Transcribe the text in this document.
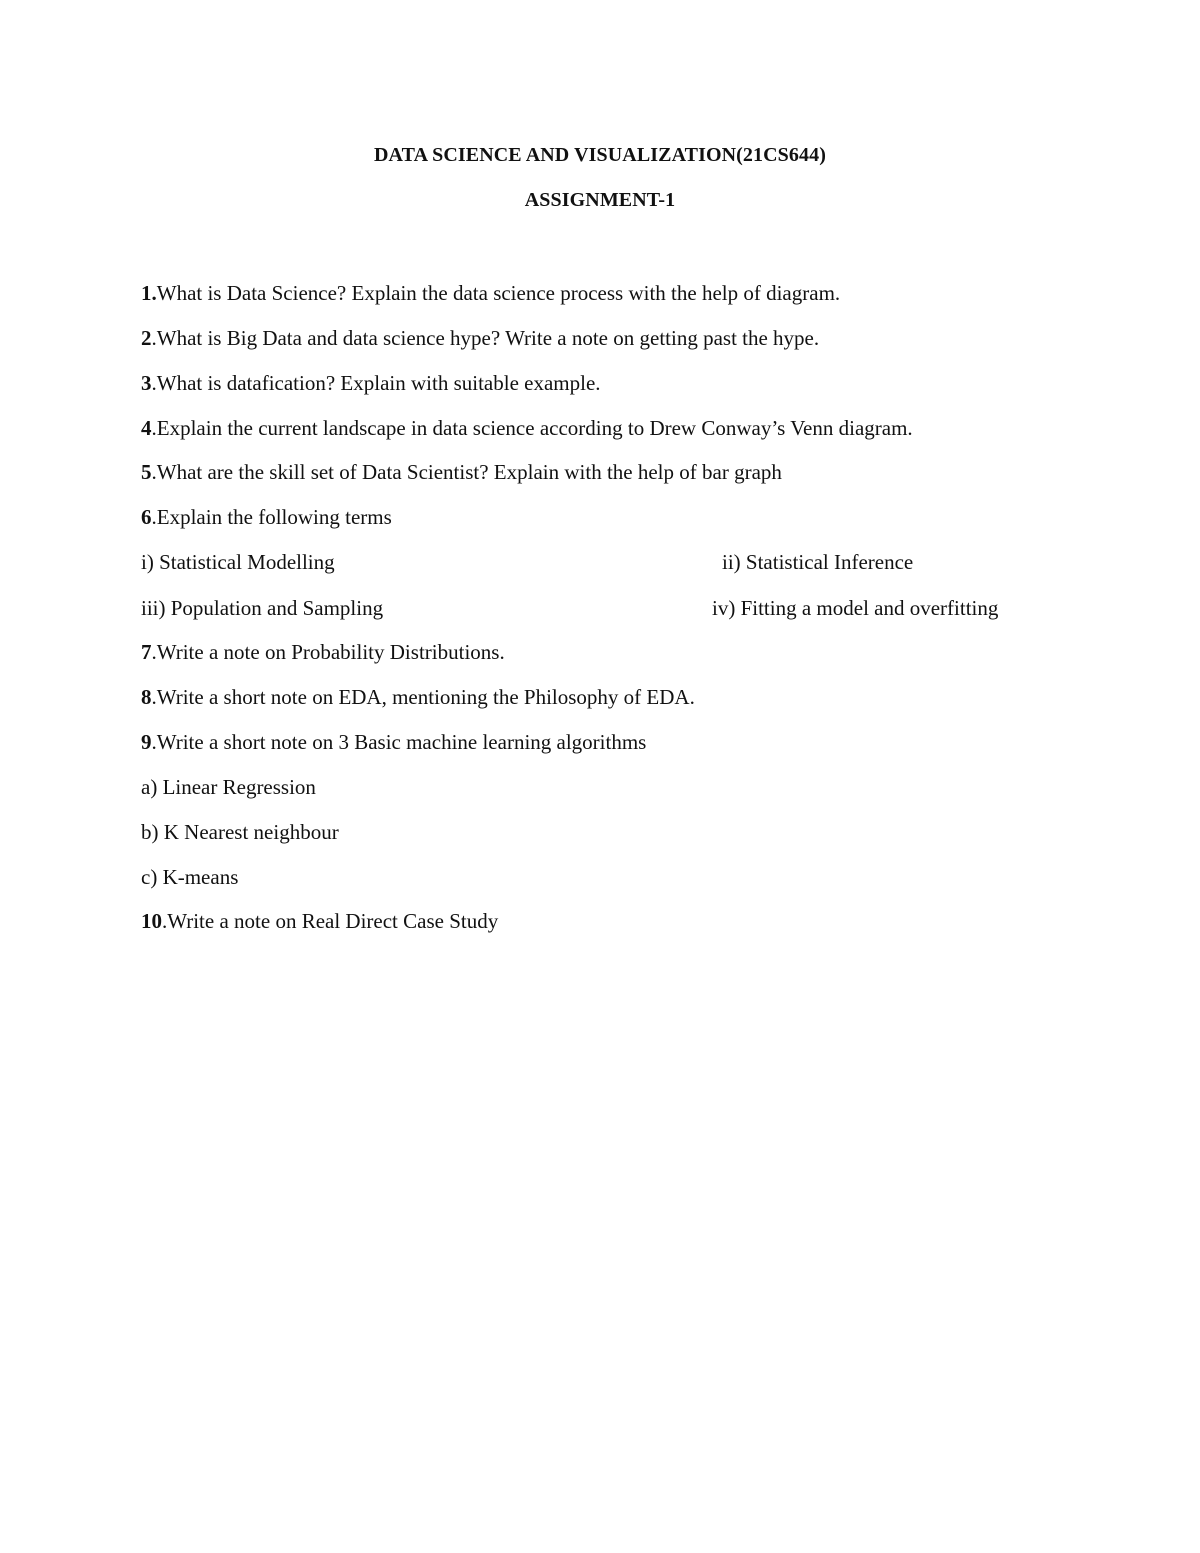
DATA SCIENCE AND VISUALIZATION(21CS644)
ASSIGNMENT-1
1.What is Data Science? Explain the data science process with the help of diagram.
2.What is Big Data and data science hype? Write a note on getting past the hype.
3.What is datafication? Explain with suitable example.
4.Explain the current landscape in data science according to Drew Conway’s Venn diagram.
5.What are the skill set of Data Scientist? Explain with the help of bar graph
6.Explain the following terms
i) Statistical Modelling	ii) Statistical Inference
iii) Population and Sampling	iv) Fitting a model and overfitting
7.Write a note on Probability Distributions.
8.Write a short note on EDA, mentioning the Philosophy of EDA.
9.Write a short note on 3 Basic machine learning algorithms
a) Linear Regression
b) K Nearest neighbour
c) K-means
10.Write a note on Real Direct Case Study
